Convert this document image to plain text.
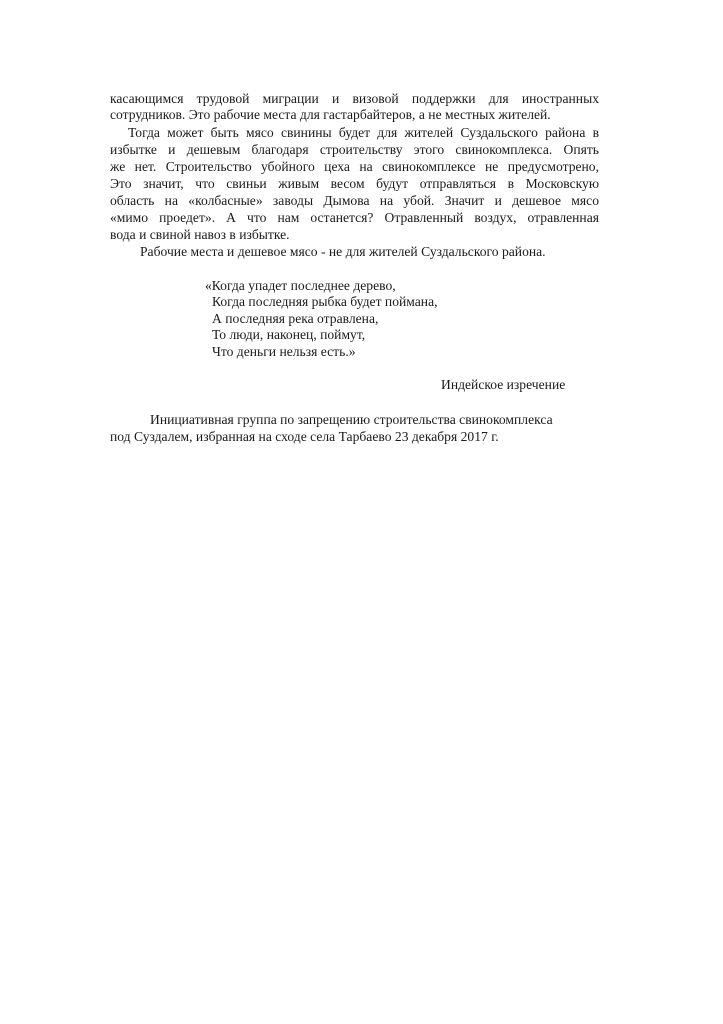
касающимся трудовой миграции и визовой поддержки для иностранных
сотрудников. Это рабочие места для гастарбайтеров, а не местных жителей.
Тогда может быть мясо свинины будет для жителей Суздальского района в
избытке и дешевым благодаря строительству этого свинокомплекса. Опять
же нет. Строительство убойного цеха на свинокомплексе не предусмотрено,
Это значит, что свиньи живым весом будут отправляться в Московскую
область на «колбасные» заводы Дымова на убой. Значит и дешевое мясо
«мимо проедет». А что нам останется? Отравленный воздух, отравленная
вода и свиной навоз в избытке.
Рабочие места и дешевое мясо - не для жителей Суздальского района.
«Когда упадет последнее дерево,
Когда последняя рыбка будет поймана,
А последняя река отравлена,
То люди, наконец, поймут,
Что деньги нельзя есть.»
Индейское изречение
Инициативная группа по запрещению строительства свинокомплекса
под Суздалем, избранная на сходе села Тарбаево 23 декабря 2017 г.
